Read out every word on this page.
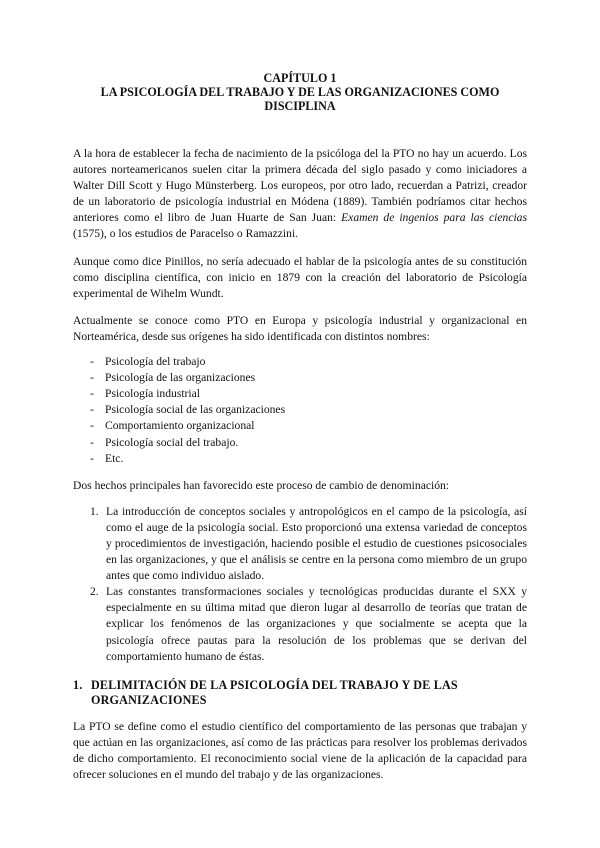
CAPÍTULO 1
LA PSICOLOGÍA DEL TRABAJO Y DE LAS ORGANIZACIONES COMO
DISCIPLINA

A la hora de establecer la fecha de nacimiento de la psicóloga del la PTO no hay un acuerdo. Los autores norteamericanos suelen citar la primera década del siglo pasado y como iniciadores a Walter Dill Scott y Hugo Münsterberg. Los europeos, por otro lado, recuerdan a Patrizi, creador de un laboratorio de psicología industrial en Módena (1889). También podríamos citar hechos anteriores como el libro de Juan Huarte de San Juan: Examen de ingenios para las ciencias (1575), o los estudios de Paracelso o Ramazzini.

Aunque como dice Pinillos, no sería adecuado el hablar de la psicología antes de su constitución como disciplina científica, con inicio en 1879 con la creación del laboratorio de Psicología experimental de Wihelm Wundt.

Actualmente se conoce como PTO en Europa y psicología industrial y organizacional en Norteamérica, desde sus orígenes ha sido identificada con distintos nombres:

- Psicología del trabajo
- Psicología de las organizaciones
- Psicología industrial
- Psicología social de las organizaciones
- Comportamiento organizacional
- Psicología social del trabajo.
- Etc.

Dos hechos principales han favorecido este proceso de cambio de denominación:

1. La introducción de conceptos sociales y antropológicos en el campo de la psicología, así como el auge de la psicología social. Esto proporcionó una extensa variedad de conceptos y procedimientos de investigación, haciendo posible el estudio de cuestiones psicosociales en las organizaciones, y que el análisis se centre en la persona como miembro de un grupo antes que como individuo aislado.
2. Las constantes transformaciones sociales y tecnológicas producidas durante el SXX y especialmente en su última mitad que dieron lugar al desarrollo de teorías que tratan de explicar los fenómenos de las organizaciones y que socialmente se acepta que la psicología ofrece pautas para la resolución de los problemas que se derivan del comportamiento humano de éstas.
1. DELIMITACIÓN DE LA PSICOLOGÍA DEL TRABAJO Y DE LAS
ORGANIZACIONES

La PTO se define como el estudio científico del comportamiento de las personas que trabajan y que actúan en las organizaciones, así como de las prácticas para resolver los problemas derivados de dicho comportamiento. El reconocimiento social viene de la aplicación de la capacidad para ofrecer soluciones en el mundo del trabajo y de las organizaciones.
